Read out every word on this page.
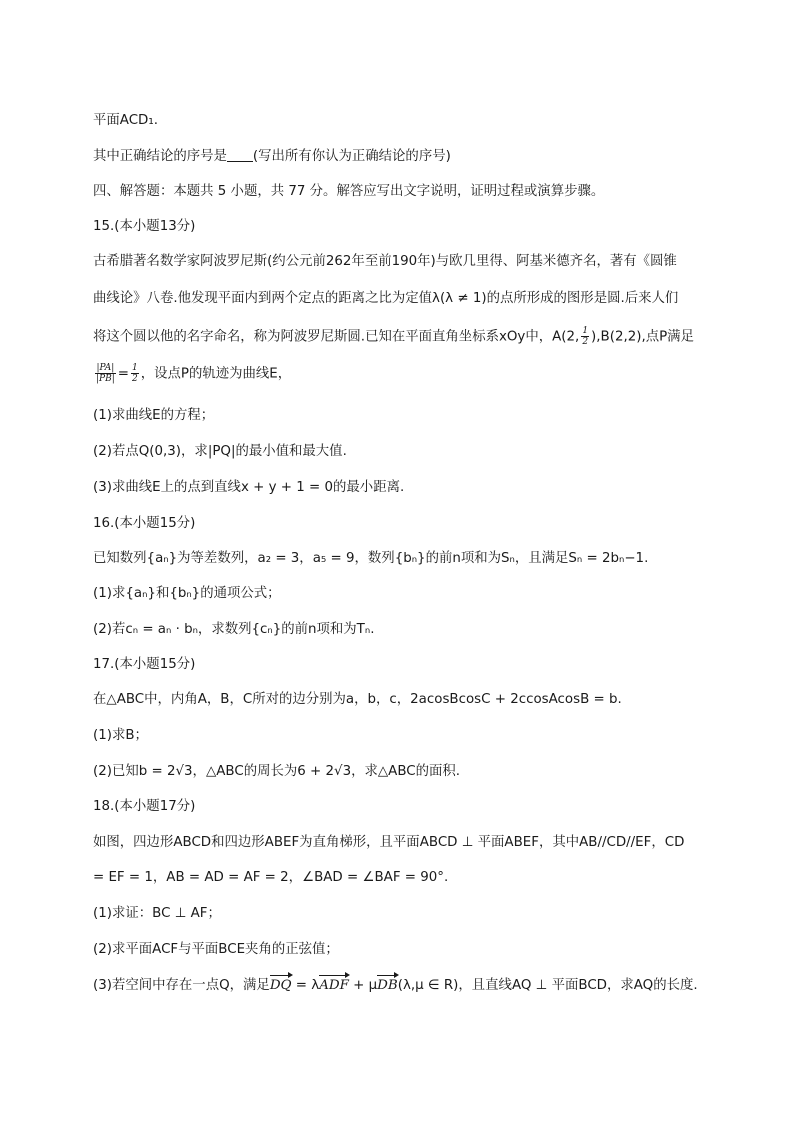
平面ACD₁.
其中正确结论的序号是 (写出所有你认为正确结论的序号)
四、解答题：本题共 5 小题，共 77 分。解答应写出文字说明，证明过程或演算步骤。
15.(本小题13分)
古希腊著名数学家阿波罗尼斯(约公元前262年至前190年)与欧几里得、阿基米德齐名，著有《圆锥
曲线论》八卷.他发现平面内到两个定点的距离之比为定值λ(λ ≠ 1)的点所形成的图形是圆.后来人们
将这个圆以他的名字命名，称为阿波罗尼斯圆.已知在平面直角坐标系xOy中，A(2, $\frac{1}{2} ),B(2,2)$,点P满足
$\frac{|PA|}{|PB|} = \frac{1}{2}$ ，设点P的轨迹为曲线E，
(1)求曲线E的方程；
(2)若点Q(0,3)，求|PQ|的最小值和最大值.
(3)求曲线E上的点到直线x + y + 1 = 0的最小距离.
16.(本小题15分)
已知数列{aₙ}为等差数列，a₂ = 3，a₅ = 9，数列{bₙ}的前n项和为Sₙ，且满足Sₙ = 2bₙ−1.
(1)求{aₙ}和{bₙ}的通项公式；
(2)若cₙ = aₙ · bₙ，求数列{cₙ}的前n项和为Tₙ.
17.(本小题15分)
在△ABC中，内角A，B，C所对的边分别为a，b，c，2acosBcosC + 2ccosAcosB = b.
(1)求B；
(2)已知b = 2√3，△ABC的周长为6 + 2√3，求△ABC的面积.
18.(本小题17分)
如图，四边形ABCD和四边形ABEF为直角梯形，且平面ABCD ⊥ 平面ABEF，其中AB//CD//EF，CD
= EF = 1，AB = AD = AF = 2，∠BAD = ∠BAF = 90°.
(1)求证：BC ⊥ AF；
(2)求平面ACF与平面BCE夹角的正弦值；
(3)若空间中存在一点Q，满足DQ = λADF + μDB(λ,μ ∈ R)，且直线AQ ⊥ 平面BCD，求AQ的长度.
